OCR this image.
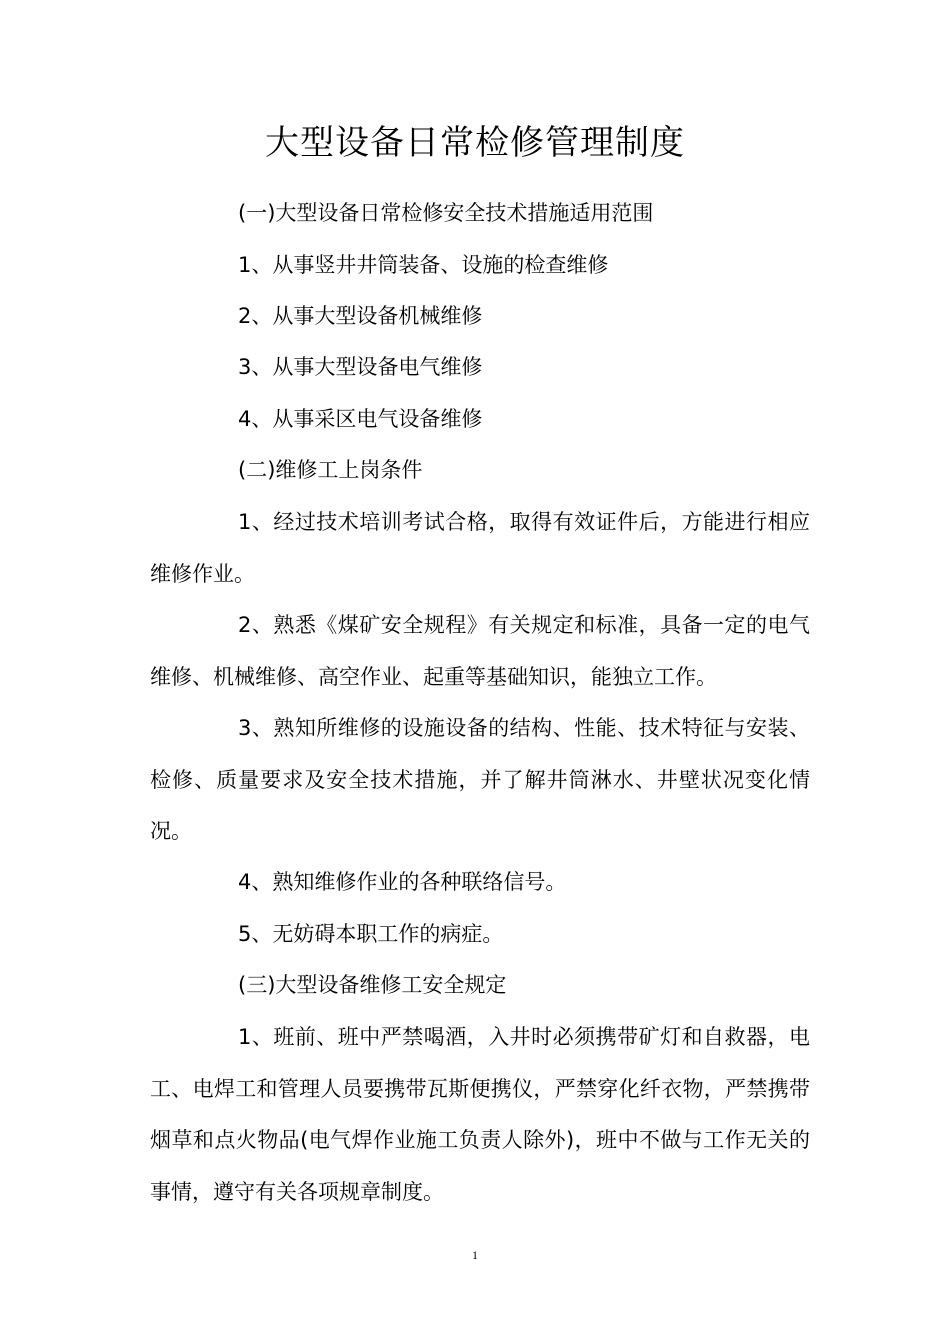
大型设备日常检修管理制度
(一)大型设备日常检修安全技术措施适用范围
1、从事竖井井筒装备、设施的检查维修
2、从事大型设备机械维修
3、从事大型设备电气维修
4、从事采区电气设备维修
(二)维修工上岗条件
1、经过技术培训考试合格，取得有效证件后，方能进行相应维修作业。
2、熟悉《煤矿安全规程》有关规定和标准，具备一定的电气维修、机械维修、高空作业、起重等基础知识，能独立工作。
3、熟知所维修的设施设备的结构、性能、技术特征与安装、检修、质量要求及安全技术措施，并了解井筒淋水、井壁状况变化情况。
4、熟知维修作业的各种联络信号。
5、无妨碍本职工作的病症。
(三)大型设备维修工安全规定
1、班前、班中严禁喝酒，入井时必须携带矿灯和自救器，电工、电焊工和管理人员要携带瓦斯便携仪，严禁穿化纤衣物，严禁携带烟草和点火物品(电气焊作业施工负责人除外)，班中不做与工作无关的事情，遵守有关各项规章制度。
1
